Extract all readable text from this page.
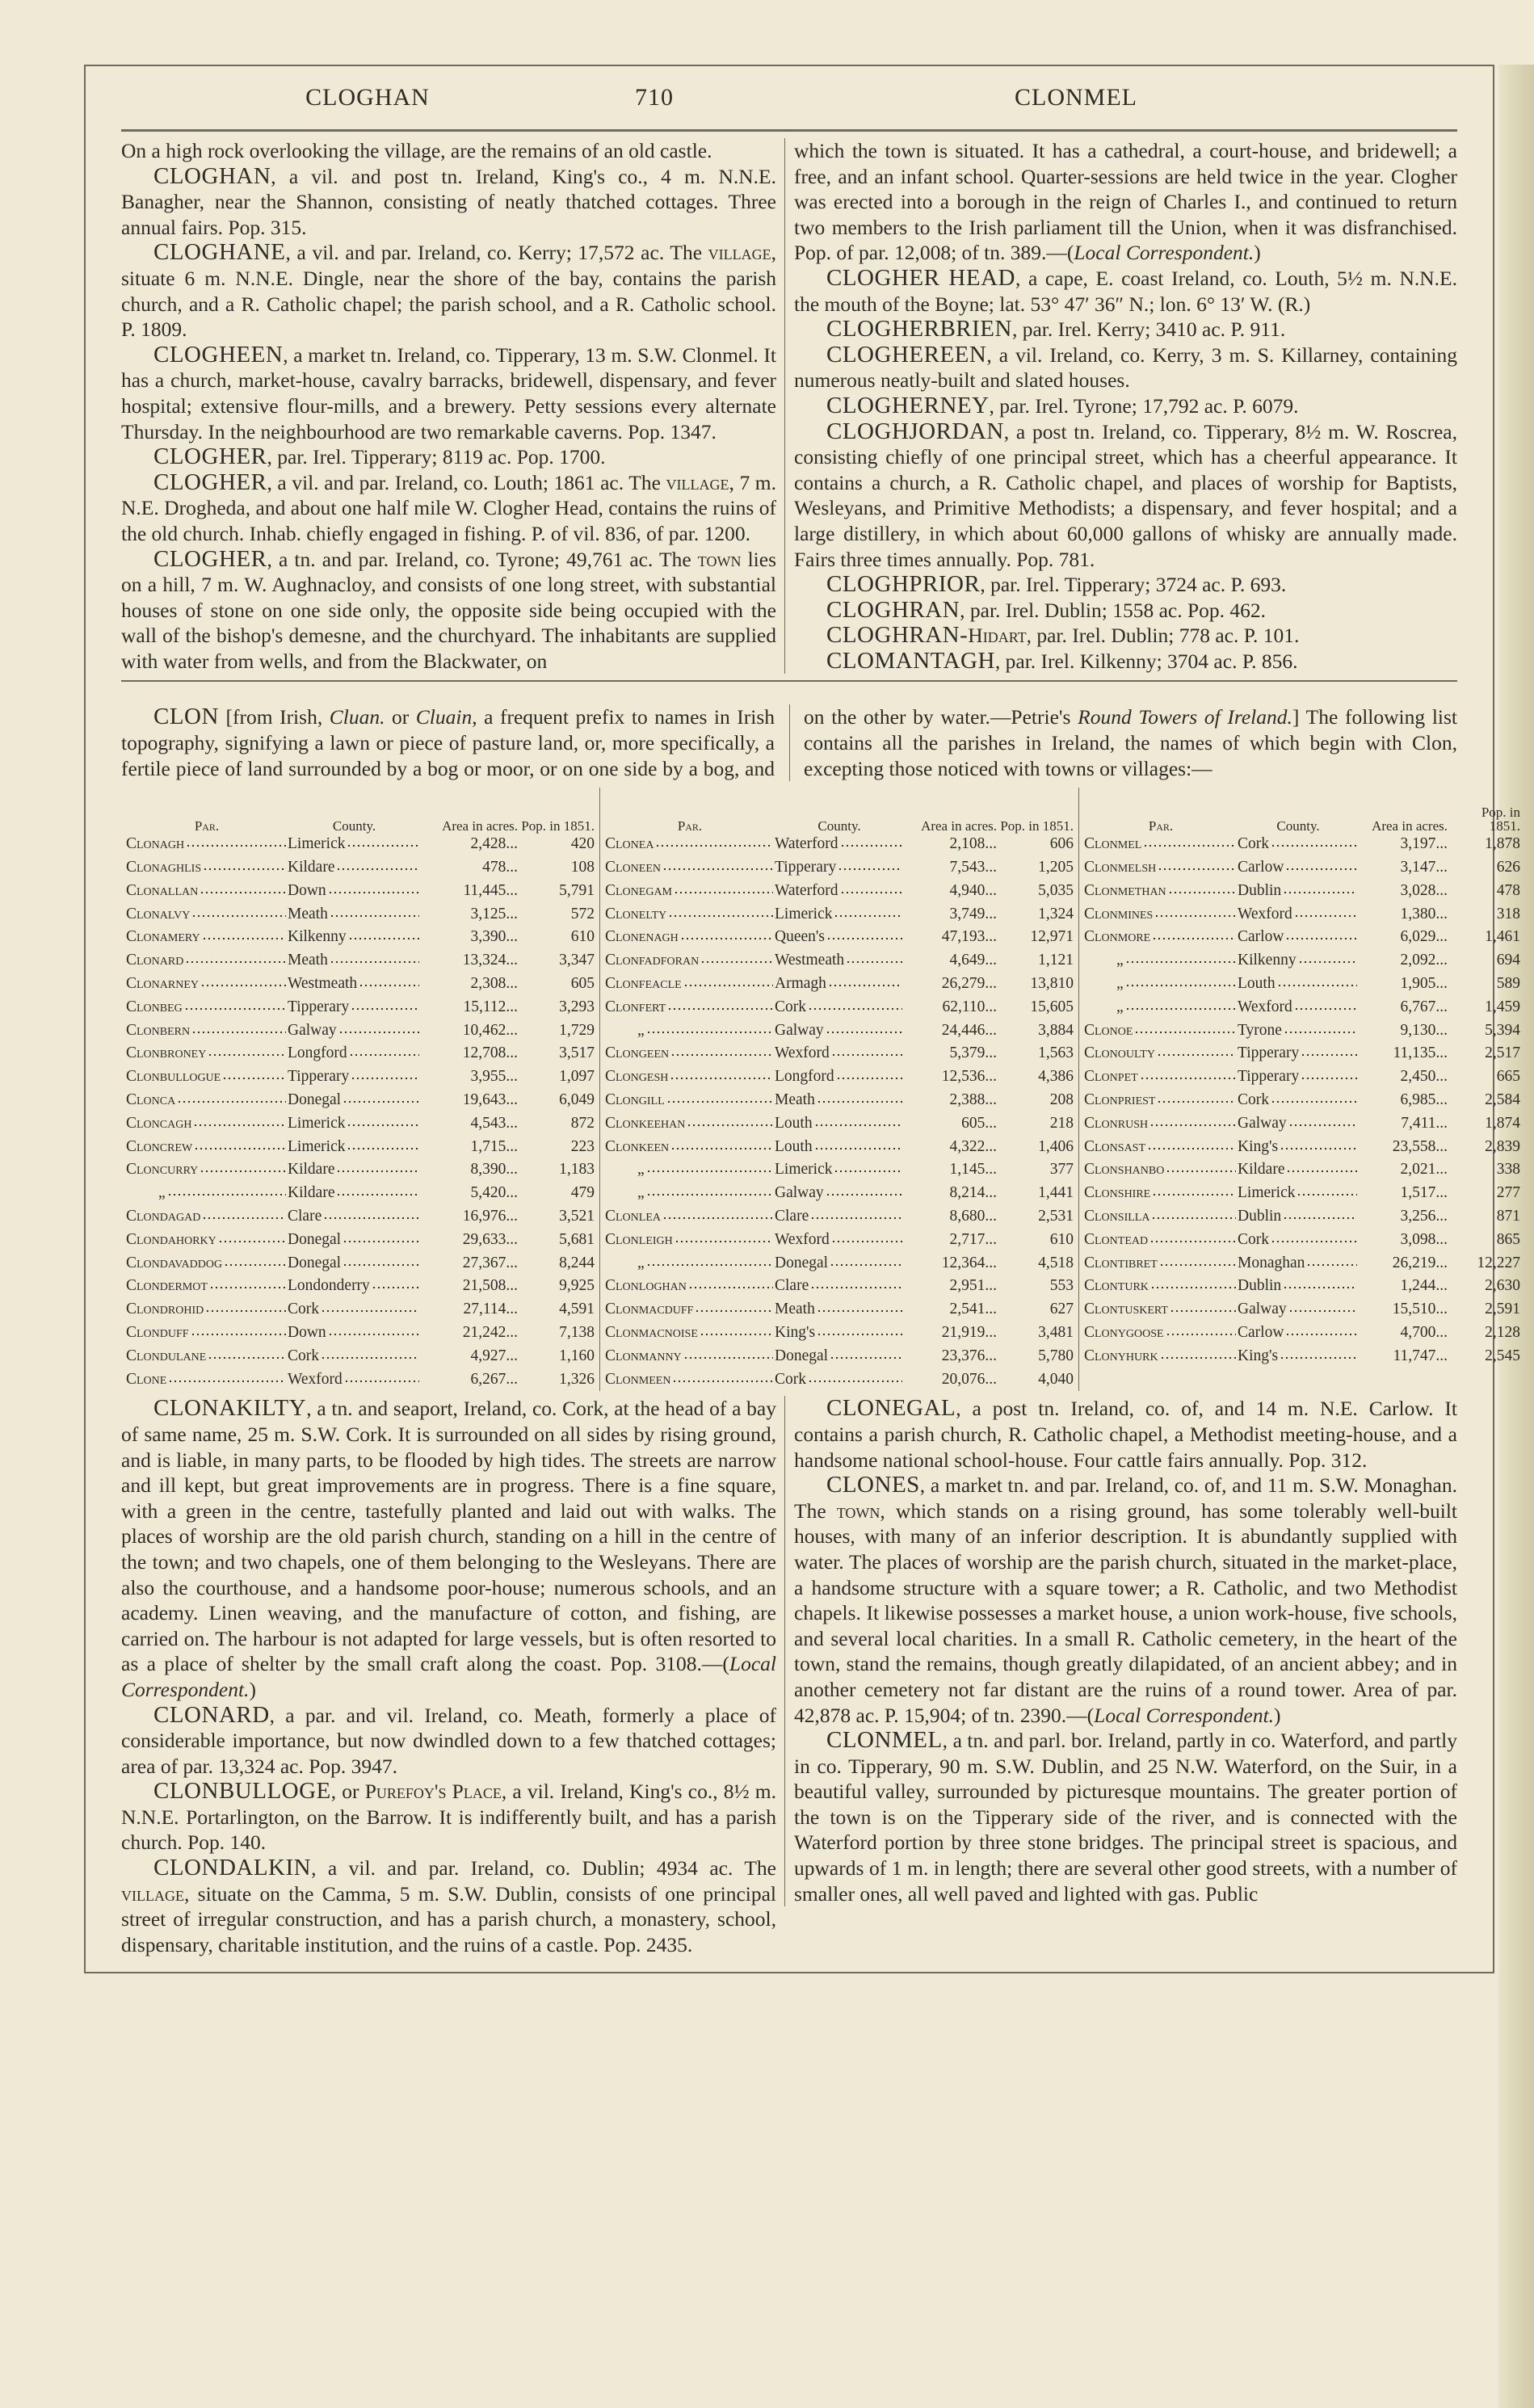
CLOGHAN	710	CLONMEL

On a high rock overlooking the village, are the remains of an old castle.

CLOGHAN, a vil. and post tn. Ireland, King's co., 4 m. N.N.E. Banagher, near the Shannon, consisting of neatly thatched cottages. Three annual fairs. Pop. 315.

CLOGHANE, a vil. and par. Ireland, co. Kerry; 17,572 ac. The village, situate 6 m. N.N.E. Dingle, near the shore of the bay, contains the parish church, and a R. Catholic chapel; the parish school, and a R. Catholic school. P. 1809.

CLOGHEEN, a market tn. Ireland, co. Tipperary, 13 m. S.W. Clonmel. It has a church, market-house, cavalry barracks, bridewell, dispensary, and fever hospital; extensive flour-mills, and a brewery. Petty sessions every alternate Thursday. In the neighbourhood are two remarkable caverns. Pop. 1347.

CLOGHER, par. Irel. Tipperary; 8119 ac. Pop. 1700.

CLOGHER, a vil. and par. Ireland, co. Louth; 1861 ac. The village, 7 m. N.E. Drogheda, and about one half mile W. Clogher Head, contains the ruins of the old church. Inhab. chiefly engaged in fishing. P. of vil. 836, of par. 1200.

CLOGHER, a tn. and par. Ireland, co. Tyrone; 49,761 ac. The town lies on a hill, 7 m. W. Aughnacloy, and consists of one long street, with substantial houses of stone on one side only, the opposite side being occupied with the wall of the bishop's demesne, and the churchyard. The inhabitants are supplied with water from wells, and from the Blackwater, on

which the town is situated. It has a cathedral, a court-house, and bridewell; a free, and an infant school. Quarter-sessions are held twice in the year. Clogher was erected into a borough in the reign of Charles I., and continued to return two members to the Irish parliament till the Union, when it was disfranchised. Pop. of par. 12,008; of tn. 389.—(Local Correspondent.)

CLOGHER HEAD, a cape, E. coast Ireland, co. Louth, 5½ m. N.N.E. the mouth of the Boyne; lat. 53° 47′ 36″ N.; lon. 6° 13′ W. (R.)

CLOGHERBRIEN, par. Irel. Kerry; 3410 ac. P. 911.

CLOGHEREEN, a vil. Ireland, co. Kerry, 3 m. S. Killarney, containing numerous neatly-built and slated houses.

CLOGHERNEY, par. Irel. Tyrone; 17,792 ac. P. 6079.

CLOGHJORDAN, a post tn. Ireland, co. Tipperary, 8½ m. W. Roscrea, consisting chiefly of one principal street, which has a cheerful appearance. It contains a church, a R. Catholic chapel, and places of worship for Baptists, Wesleyans, and Primitive Methodists; a dispensary, and fever hospital; and a large distillery, in which about 60,000 gallons of whisky are annually made. Fairs three times annually. Pop. 781.

CLOGHPRIOR, par. Irel. Tipperary; 3724 ac. P. 693.

CLOGHRAN, par. Irel. Dublin; 1558 ac. Pop. 462.

CLOGHRAN-Hidart, par. Irel. Dublin; 778 ac. P. 101.

CLOMANTAGH, par. Irel. Kilkenny; 3704 ac. P. 856.

CLON [from Irish, Cluan. or Cluain, a frequent prefix to names in Irish topography, signifying a lawn or piece of pasture land, or, more specifically, a fertile piece of land surrounded by a bog or moor, or on one side by a bog, and on the other by water.—Petrie's Round Towers of Ireland.] The following list contains all the parishes in Ireland, the names of which begin with Clon, excepting those noticed with towns or villages:—

Par.	County.	Area in acres. Pop. in 1851.
Clonagh	Limerick	2,428 ...	420
Clonaghlis	Kildare	478 ...	108
Clonallan	Down	11,445 ...	5,791
Clonalvy	Meath	3,125 ...	572
Clonamery	Kilkenny	3,390 ...	610
Clonard	Meath	13,324 ...	3,347
Clonarney	Westmeath	2,308 ...	605
Clonbeg	Tipperary	15,112 ...	3,293
Clonbern	Galway	10,462 ...	1,729
Clonbroney	Longford	12,708 ...	3,517
Clonbullogue	Tipperary	3,955 ...	1,097
Clonca	Donegal	19,643 ...	6,049
Cloncagh	Limerick	4,543 ...	872
Cloncrew	Limerick	1,715 ...	223
Cloncurry	Kildare	8,390 ...	1,183
„	Kildare	5,420 ...	479
Clondagad	Clare	16,976 ...	3,521
Clondahorky	Donegal	29,633 ...	5,681
Clondavaddog	Donegal	27,367 ...	8,244
Clondermot	Londonderry	21,508 ...	9,925
Clondrohid	Cork	27,114 ...	4,591
Clonduff	Down	21,242 ...	7,138
Clondulane	Cork	4,927 ...	1,160
Clone	Wexford	6,267 ...	1,326
Par.	County.	Area in acres. Pop. in 1851.
Clonea	Waterford	2,108 ...	606
Cloneen	Tipperary	7,543 ...	1,205
Clonegam	Waterford	4,940 ...	5,035
Clonelty	Limerick	3,749 ...	1,324
Clonenagh	Queen's	47,193 ... 12,971
Clonfadforan	Westmeath	4,649 ...	1,121
Clonfeacle	Armagh	26,279 ... 13,810
Clonfert	Cork	62,110 ... 15,605
„	Galway	24,446 ...	3,884
Clongeen	Wexford	5,379 ...	1,563
Clongesh	Longford	12,536 ...	4,386
Clongill	Meath	2,388 ...	208
Clonkeehan	Louth	605 ...	218
Clonkeen	Louth	4,322 ...	1,406
„	Limerick	1,145 ...	377
„	Galway	8,214 ...	1,441
Clonlea	Clare	8,680 ...	2,531
Clonleigh	Wexford	2,717 ...	610
„	Donegal	12,364 ...	4,518
Clonloghan	Clare	2,951 ...	553
Clonmacduff	Meath	2,541 ...	627
Clonmacnoise	King's	21,919 ...	3,481
Clonmanny	Donegal	23,376 ...	5,780
Clonmeen	Cork	20,076 ...	4,040
Par.	County.	Area in acres.
Pop. in 1851.
Clonmel	Cork	3,197 ... 1,878
Clonmelsh	Carlow	3,147 ...	626
Clonmethan	Dublin	3,028 ...	478
Clonmines	Wexford	1,380 ...	318
Clonmore	Carlow	6,029 ... 1,461
„	Kilkenny	2,092 ...	694
„	Louth	1,905 ...	589
„	Wexford	6,767 ... 1,459
Clonoe	Tyrone	9,130 ... 5,394
Clonoulty	Tipperary	11,135 ... 2,517
Clonpet	Tipperary	2,450 ...	665
Clonpriest	Cork	6,985 ... 2,584
Clonrush	Galway	7,411 ... 1,874
Clonsast	King's	23,558 ... 2,839
Clonshanbo	Kildare	2,021 ...	338
Clonshire	Limerick	1,517 ...	277
Clonsilla	Dublin	3,256 ...	871
Clontead	Cork	3,098 ...	865
Clontibret	Monaghan	26,219 ... 12,227
Clonturk	Dublin	1,244 ... 2,630
Clontuskert	Galway	15,510 ... 2,591
Clonygoose	Carlow	4,700 ... 2,128
Clonyhurk	King's	11,747 ... 2,545

CLONAKILTY, a tn. and seaport, Ireland, co. Cork, at the head of a bay of same name, 25 m. S.W. Cork. It is surrounded on all sides by rising ground, and is liable, in many parts, to be flooded by high tides. The streets are narrow and ill kept, but great improvements are in progress. There is a fine square, with a green in the centre, tastefully planted and laid out with walks. The places of worship are the old parish church, standing on a hill in the centre of the town; and two chapels, one of them belonging to the Wesleyans. There are also the courthouse, and a handsome poor-house; numerous schools, and an academy. Linen weaving, and the manufacture of cotton, and fishing, are carried on. The harbour is not adapted for large vessels, but is often resorted to as a place of shelter by the small craft along the coast. Pop. 3108.—(Local Correspondent.)

CLONARD, a par. and vil. Ireland, co. Meath, formerly a place of considerable importance, but now dwindled down to a few thatched cottages; area of par. 13,324 ac. Pop. 3947.

CLONBULLOGE, or Purefoy's Place, a vil. Ireland, King's co., 8½ m. N.N.E. Portarlington, on the Barrow. It is indifferently built, and has a parish church. Pop. 140.

CLONDALKIN, a vil. and par. Ireland, co. Dublin; 4934 ac. The village, situate on the Camma, 5 m. S.W. Dublin, consists of one principal street of irregular construction, and has a parish church, a monastery, school, dispensary, charitable institution, and the ruins of a castle. Pop. 2435.

CLONEGAL, a post tn. Ireland, co. of, and 14 m. N.E. Carlow. It contains a parish church, R. Catholic chapel, a Methodist meeting-house, and a handsome national school-house. Four cattle fairs annually. Pop. 312.

CLONES, a market tn. and par. Ireland, co. of, and 11 m. S.W. Monaghan. The town, which stands on a rising ground, has some tolerably well-built houses, with many of an inferior description. It is abundantly supplied with water. The places of worship are the parish church, situated in the market-place, a handsome structure with a square tower; a R. Catholic, and two Methodist chapels. It likewise possesses a market house, a union work-house, five schools, and several local charities. In a small R. Catholic cemetery, in the heart of the town, stand the remains, though greatly dilapidated, of an ancient abbey; and in another cemetery not far distant are the ruins of a round tower. Area of par. 42,878 ac. P. 15,904; of tn. 2390.—(Local Correspondent.)

CLONMEL, a tn. and parl. bor. Ireland, partly in co. Waterford, and partly in co. Tipperary, 90 m. S.W. Dublin, and 25 N.W. Waterford, on the Suir, in a beautiful valley, surrounded by picturesque mountains. The greater portion of the town is on the Tipperary side of the river, and is connected with the Waterford portion by three stone bridges. The principal street is spacious, and upwards of 1 m. in length; there are several other good streets, with a number of smaller ones, all well paved and lighted with gas. Public
